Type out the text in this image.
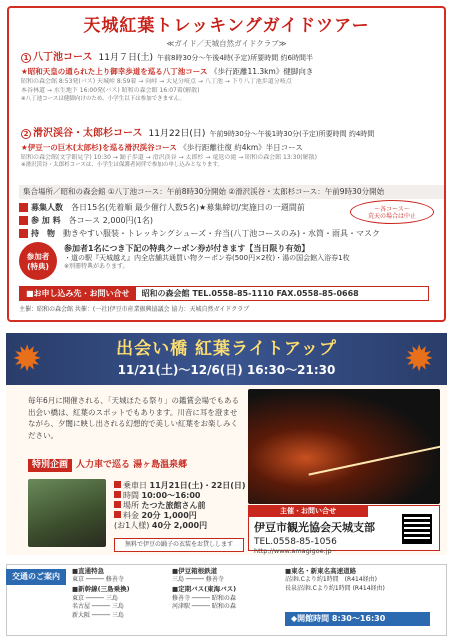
天城紅葉トレッキングガイドツアー
≪ガイド／天城自然ガイドクラブ≫
1 八丁池コース 11月７日(土) 午前8時30分〜午後4時(予定)所要時間 約6時間半
★昭和天皇の通られた上り御幸歩道を巡る八丁池コース 《歩行距離11.3km》健脚向き
昭和の森会館 8:53発(バス) 天城峠 8:59着 → 向峠 → 大見分岐点 → 八丁池 → 下り八丁池歩道分岐点
本谷林道 → 水生地下 16:00発(バス) 昭和の森会館 16:07着(解散)
※八丁池コースは健脚向けのため、小学生以下は参加できません。
2 滑沢渓谷・太郎杉コース 11月22日(日) 午前9時30分〜午後1時30分(予定)所要時間 約4時間
★伊豆一の巨木(太郎杉)を巡る滑沢渓谷コース 《歩行距離往復 約4km》半日コース
昭和の森会館(文学館見学) 10:30 → 踊子歩道 → 滑沢渓谷 → 太郎杉 → 竜返の滝 → 昭和の森会館 13:30(解散)
※滑沢渓谷・太郎杉コースは、小学生は保護者同伴で参加の申し込みとなります。
集合場所／昭和の森会館 ①八丁池コース：午前8時30分開始 ②滑沢渓谷・太郎杉コース：午前9時30分開始
募集人数 各日15名(先着順 最少催行人数5名)★募集締切/実施日の一週間前
参 加 料 各コース 2,000円(1名)
持　物 動きやすい服装・トレッキングシューズ・弁当(八丁池コースのみ)・水筒・雨具・マスク
〜各コース〜
荒天の場合は中止
参加者
(特典)
参加者1名につき下記の特典クーポン券が付きます【当日限り有効】
・道の駅『天城越え』内全店舗共通買い物クーポン券(500円×2枚)・湯の国会館入浴券1枚
※別冊特典があります。
■お申し込み先・お問い合せ 昭和の森会館 TEL.0558-85-1110 FAX.0558-85-0668
主催：昭和の森会館 共催：(一社)伊豆市産業振興協議会 協力：天城自然ガイドクラブ
✹	✹
出会い橋 紅葉ライトアップ
11/21(土)〜12/6(日) 16:30〜21:30
毎年6月に開催される、「天城ほたる祭り」の鑑賞会場でもある出会い橋は、紅葉のスポットでもあります。川音に耳を澄ませながら、夕闇に映し出される幻想的で美しい紅葉をお楽しみください。
特別企画 人力車で巡る 湯ヶ島温泉郷
乗車日 11月21日(土)・22日(日)
時間 10:00〜16:00
場所 たつた旅館さん前
料金 20分 1,000円
(お1人様) 40分 2,000円
無料で伊豆の踊子の衣装をお貸しします
主催・お問い合せ
伊豆市観光協会天城支部
TEL.0558-85-1056
http://www.amagigoe.jp
交通のご案内
■直通特急
東京 ───── 修善寺
■新幹線(三島乗換)
東京 ───── 三島
名古屋 ───── 三島
新大阪 ───── 三島
■伊豆箱根鉄道
三島 ───── 修善寺
■定期バス(東海バス)
修善寺 ───── 昭和の森
河津駅 ───── 昭和の森
■東名・新東名高速道路
沼津I.Cより約1時間　(R414経由)
長泉沼津I.Cより約1時間 (R414経由)
◆開館時間 8:30〜16:30
